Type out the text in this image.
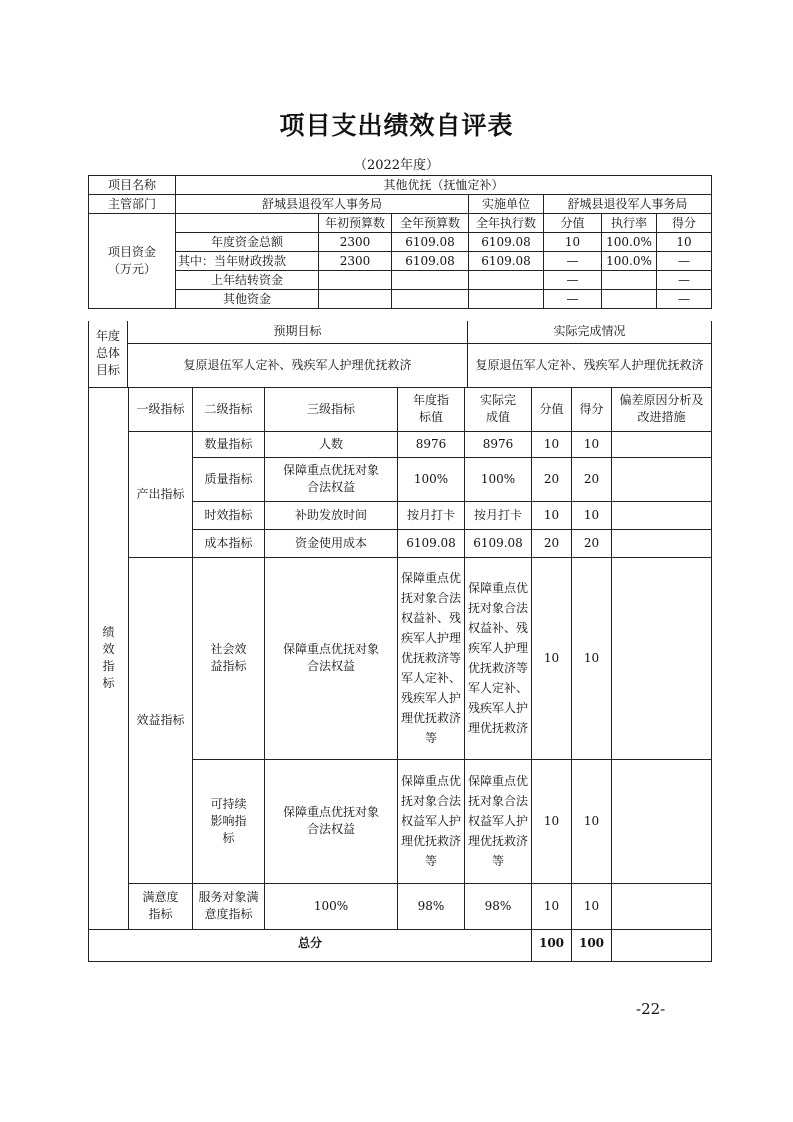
项目支出绩效自评表
（2022年度）
项目名称	其他优抚（抚恤定补）						
主管部门	舒城县退役军人事务局			实施单位	舒城县退役军人事务局		
项目资金（万元）		年初预算数	全年预算数	全年执行数	分值	执行率	得分
	年度资金总额	2300	6109.08	6109.08	10	100.0%	10
	其中：当年财政拨款	2300	6109.08	6109.08	—	100.0%	—
	上年结转资金				—		—
	其他资金				—		—
年度总体目标	预期目标	实际完成情况
	复原退伍军人定补、残疾军人护理优抚救济	复原退伍军人定补、残疾军人护理优抚救济
绩效指标	一级指标	二级指标	三级指标	年度指标值	实际完成值	分值	得分	偏差原因分析及改进措施
	产出指标	数量指标	人数	8976	8976	10	10	
		质量指标	保障重点优抚对象合法权益	100%	100%	20	20	
		时效指标	补助发放时间	按月打卡	按月打卡	10	10	
		成本指标	资金使用成本	6109.08	6109.08	20	20	
	效益指标	社会效益指标	保障重点优抚对象合法权益	保障重点优抚对象合法权益补、残疾军人护理优抚救济等军人定补、残疾军人护理优抚救济等	保障重点优抚对象合法权益补、残疾军人护理优抚救济等军人定补、残疾军人护理优抚救济	10	10	
		可持续影响指标	保障重点优抚对象合法权益	保障重点优抚对象合法权益军人护理优抚救济等	保障重点优抚对象合法权益军人护理优抚救济等	10	10	
	满意度指标	服务对象满意度指标	100%	98%	98%	10	10	
总分	100	100	
-22-
